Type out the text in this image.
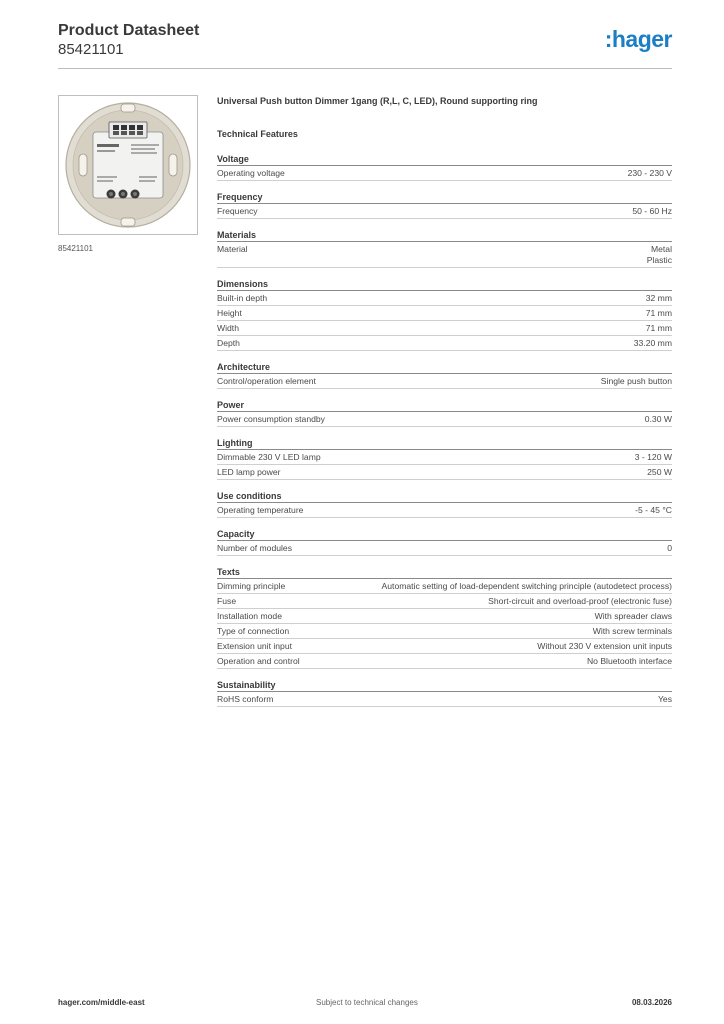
Product Datasheet
85421101	:hager
85421101
Universal Push button Dimmer 1gang (R,L, C, LED), Round supporting ring
Technical Features
Voltage
Operating voltage	230 - 230 V
Frequency
Frequency	50 - 60 Hz
Materials
Material	Metal
Plastic
Dimensions
Built-in depth	32 mm
Height	71 mm
Width	71 mm
Depth	33.20 mm
Architecture
Control/operation element	Single push button
Power
Power consumption standby	0.30 W
Lighting
Dimmable 230 V LED lamp	3 - 120 W
LED lamp power	250 W
Use conditions
Operating temperature	-5 - 45 °C
Capacity
Number of modules	0
Texts
Dimming principle	Automatic setting of load-dependent switching principle (autodetect process)
Fuse	Short-circuit and overload-proof (electronic fuse)
Installation mode	With spreader claws
Type of connection	With screw terminals
Extension unit input	Without 230 V extension unit inputs
Operation and control	No Bluetooth interface
Sustainability
RoHS conform	Yes
hager.com/middle-east	Subject to technical changes	08.03.2026
